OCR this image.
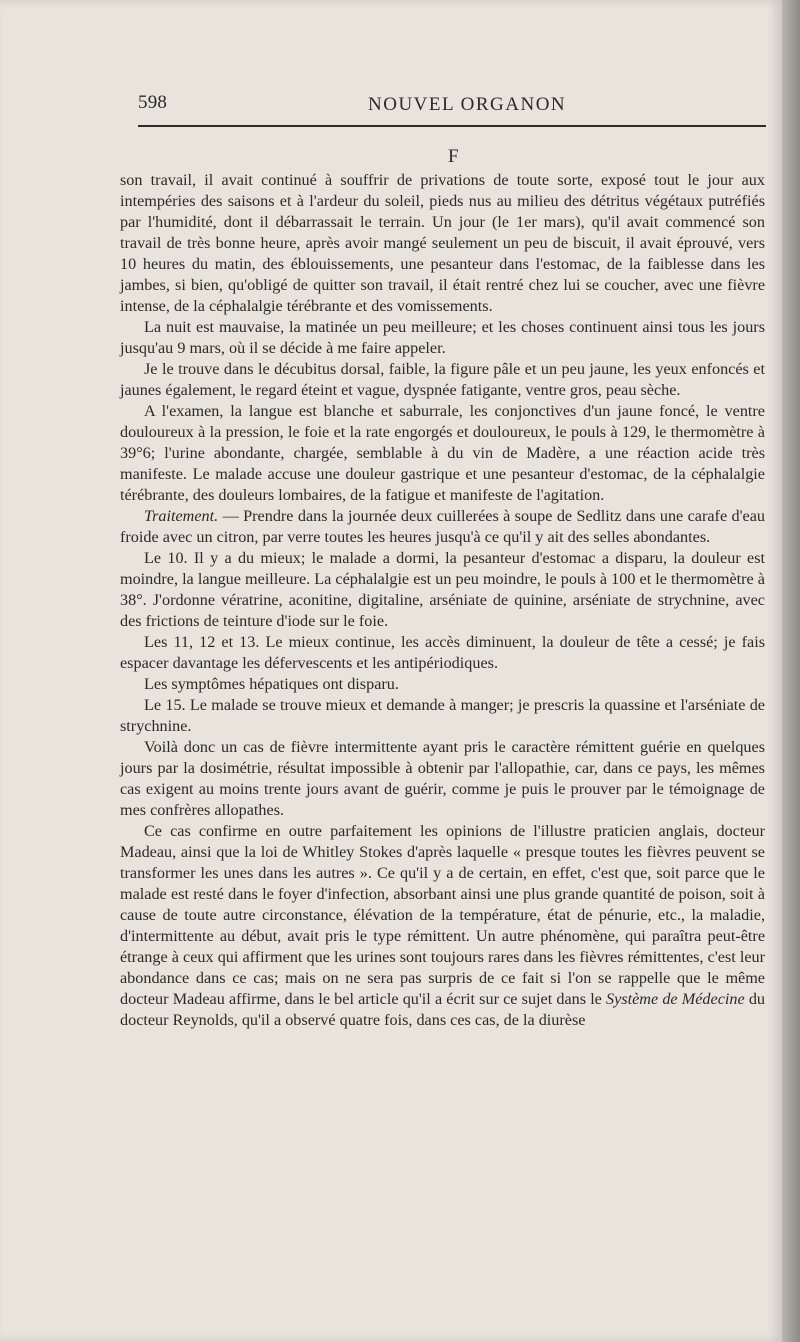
598	NOUVEL ORGANON
F

son travail, il avait continué à souffrir de privations de toute sorte, exposé tout le jour aux intempéries des saisons et à l'ardeur du soleil, pieds nus au milieu des détritus végétaux putréfiés par l'humidité, dont il débarrassait le terrain. Un jour (le 1er mars), qu'il avait commencé son travail de très bonne heure, après avoir mangé seulement un peu de biscuit, il avait éprouvé, vers 10 heures du matin, des éblouissements, une pesanteur dans l'estomac, de la faiblesse dans les jambes, si bien, qu'obligé de quitter son travail, il était rentré chez lui se coucher, avec une fièvre intense, de la céphalalgie térébrante et des vomissements.

La nuit est mauvaise, la matinée un peu meilleure; et les choses continuent ainsi tous les jours jusqu'au 9 mars, où il se décide à me faire appeler.

Je le trouve dans le décubitus dorsal, faible, la figure pâle et un peu jaune, les yeux enfoncés et jaunes également, le regard éteint et vague, dyspnée fatigante, ventre gros, peau sèche.

A l'examen, la langue est blanche et saburrale, les conjonctives d'un jaune foncé, le ventre douloureux à la pression, le foie et la rate engorgés et douloureux, le pouls à 129, le thermomètre à 39°6; l'urine abondante, chargée, semblable à du vin de Madère, a une réaction acide très manifeste. Le malade accuse une douleur gastrique et une pesanteur d'estomac, de la céphalalgie térébrante, des douleurs lombaires, de la fatigue et manifeste de l'agitation.

Traitement. — Prendre dans la journée deux cuillerées à soupe de Sedlitz dans une carafe d'eau froide avec un citron, par verre toutes les heures jusqu'à ce qu'il y ait des selles abondantes.

Le 10. Il y a du mieux; le malade a dormi, la pesanteur d'estomac a disparu, la douleur est moindre, la langue meilleure. La céphalalgie est un peu moindre, le pouls à 100 et le thermomètre à 38°. J'ordonne vératrine, aconitine, digitaline, arséniate de quinine, arséniate de strychnine, avec des frictions de teinture d'iode sur le foie.

Les 11, 12 et 13. Le mieux continue, les accès diminuent, la douleur de tête a cessé; je fais espacer davantage les défervescents et les antipériodiques.

Les symptômes hépatiques ont disparu.

Le 15. Le malade se trouve mieux et demande à manger; je prescris la quassine et l'arséniate de strychnine.

Voilà donc un cas de fièvre intermittente ayant pris le caractère rémittent guérie en quelques jours par la dosimétrie, résultat impossible à obtenir par l'allopathie, car, dans ce pays, les mêmes cas exigent au moins trente jours avant de guérir, comme je puis le prouver par le témoignage de mes confrères allopathes.

Ce cas confirme en outre parfaitement les opinions de l'illustre praticien anglais, docteur Madeau, ainsi que la loi de Whitley Stokes d'après laquelle « presque toutes les fièvres peuvent se transformer les unes dans les autres ». Ce qu'il y a de certain, en effet, c'est que, soit parce que le malade est resté dans le foyer d'infection, absorbant ainsi une plus grande quantité de poison, soit à cause de toute autre circonstance, élévation de la température, état de pénurie, etc., la maladie, d'intermittente au début, avait pris le type rémittent. Un autre phénomène, qui paraîtra peut-être étrange à ceux qui affirment que les urines sont toujours rares dans les fièvres rémittentes, c'est leur abondance dans ce cas; mais on ne sera pas surpris de ce fait si l'on se rappelle que le même docteur Madeau affirme, dans le bel article qu'il a écrit sur ce sujet dans le Système de Médecine du docteur Reynolds, qu'il a observé quatre fois, dans ces cas, de la diurèse
